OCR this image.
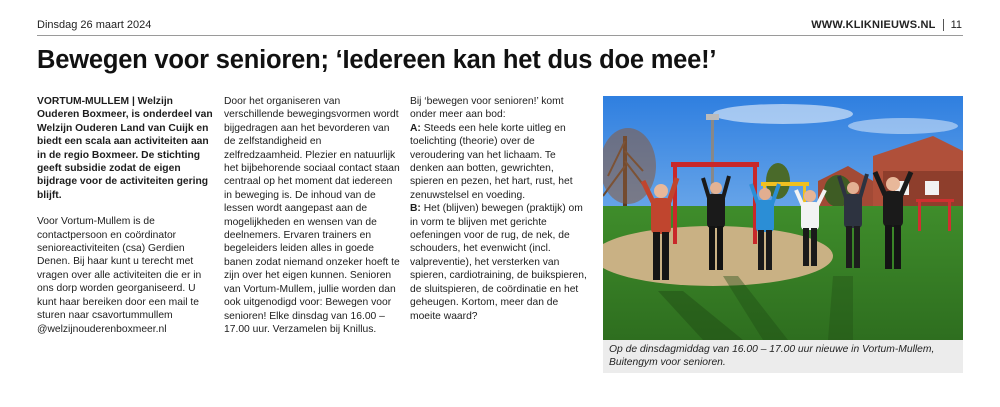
Dinsdag 26 maart 2024	WWW.KLIKNIEUWS.NL 11
Bewegen voor senioren; ‘Iedereen kan het dus doe mee!’

VORTUM-MULLEM | Welzijn Ouderen Boxmeer, is onderdeel van Welzijn Ouderen Land van Cuijk en biedt een scala aan activiteiten aan in de regio Boxmeer. De stichting geeft subsidie zodat de eigen bijdrage voor de activiteiten gering blijft.

Voor Vortum-Mullem is de contactpersoon en coördinator senioreactiviteiten (csa) Gerdien Denen. Bij haar kunt u terecht met vragen over alle activiteiten die er in ons dorp worden georganiseerd. U kunt haar bereiken door een mail te sturen naar csavortummullem @welzijnouderenboxmeer.nl

Door het organiseren van verschillende bewegingsvormen wordt bijgedragen aan het bevorderen van de zelfstandigheid en zelfredzaamheid. Plezier en natuurlijk het bijbehorende sociaal contact staan centraal op het moment dat iedereen in beweging is. De inhoud van de lessen wordt aangepast aan de mogelijkheden en wensen van de deelnemers. Ervaren trainers en begeleiders leiden alles in goede banen zodat niemand onzeker hoeft te zijn over het eigen kunnen. Senioren van Vortum-Mullem, jullie worden dan ook uitgenodigd voor: Bewegen voor senioren! Elke dinsdag van 16.00 – 17.00 uur. Verzamelen bij Knillus.

Bij ‘bewegen voor senioren!’ komt onder meer aan bod:

A: Steeds een hele korte uitleg en toelichting (theorie) over de veroudering van het lichaam. Te denken aan botten, gewrichten, spieren en pezen, het hart, rust, het zenuwstelsel en voeding.

B: Het (blijven) bewegen (praktijk) om in vorm te blijven met gerichte oefeningen voor de rug, de nek, de schouders, het evenwicht (incl. valpreventie), het versterken van spieren, cardiotraining, de buikspieren, de sluitspieren, de coördinatie en het geheugen. Kortom, meer dan de moeite waard?

Op de dinsdagmiddag van 16.00 – 17.00 uur nieuwe in Vortum-Mullem, Buitengym voor senioren.
